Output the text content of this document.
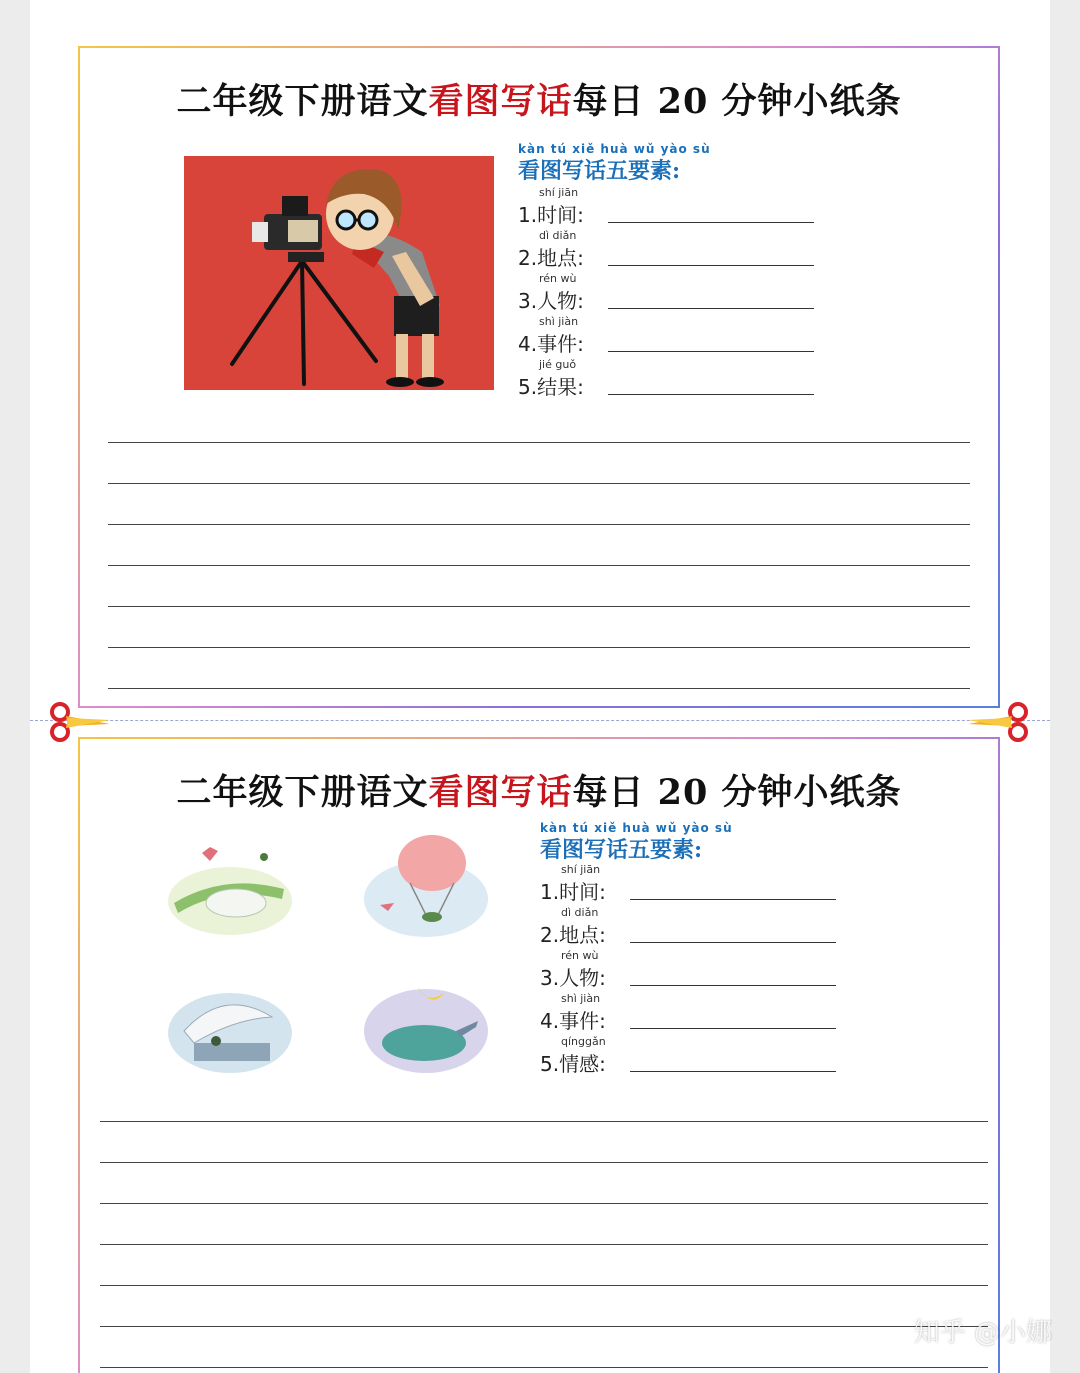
二年级下册语文看图写话每日 20 分钟小纸条
kàn tú xiě huà wǔ yào sù
看图写话五要素:
shí jiān
1.时间:
dì diǎn
2.地点:
rén wù
3.人物:
shì jiàn
4.事件:
jié guǒ
5.结果:
二年级下册语文看图写话每日 20 分钟小纸条
kàn tú xiě huà wǔ yào sù
看图写话五要素:
shí jiān
1.时间:
dì diǎn
2.地点:
rén wù
3.人物:
shì jiàn
4.事件:
qínggǎn
5.情感:
知乎 @小娜
